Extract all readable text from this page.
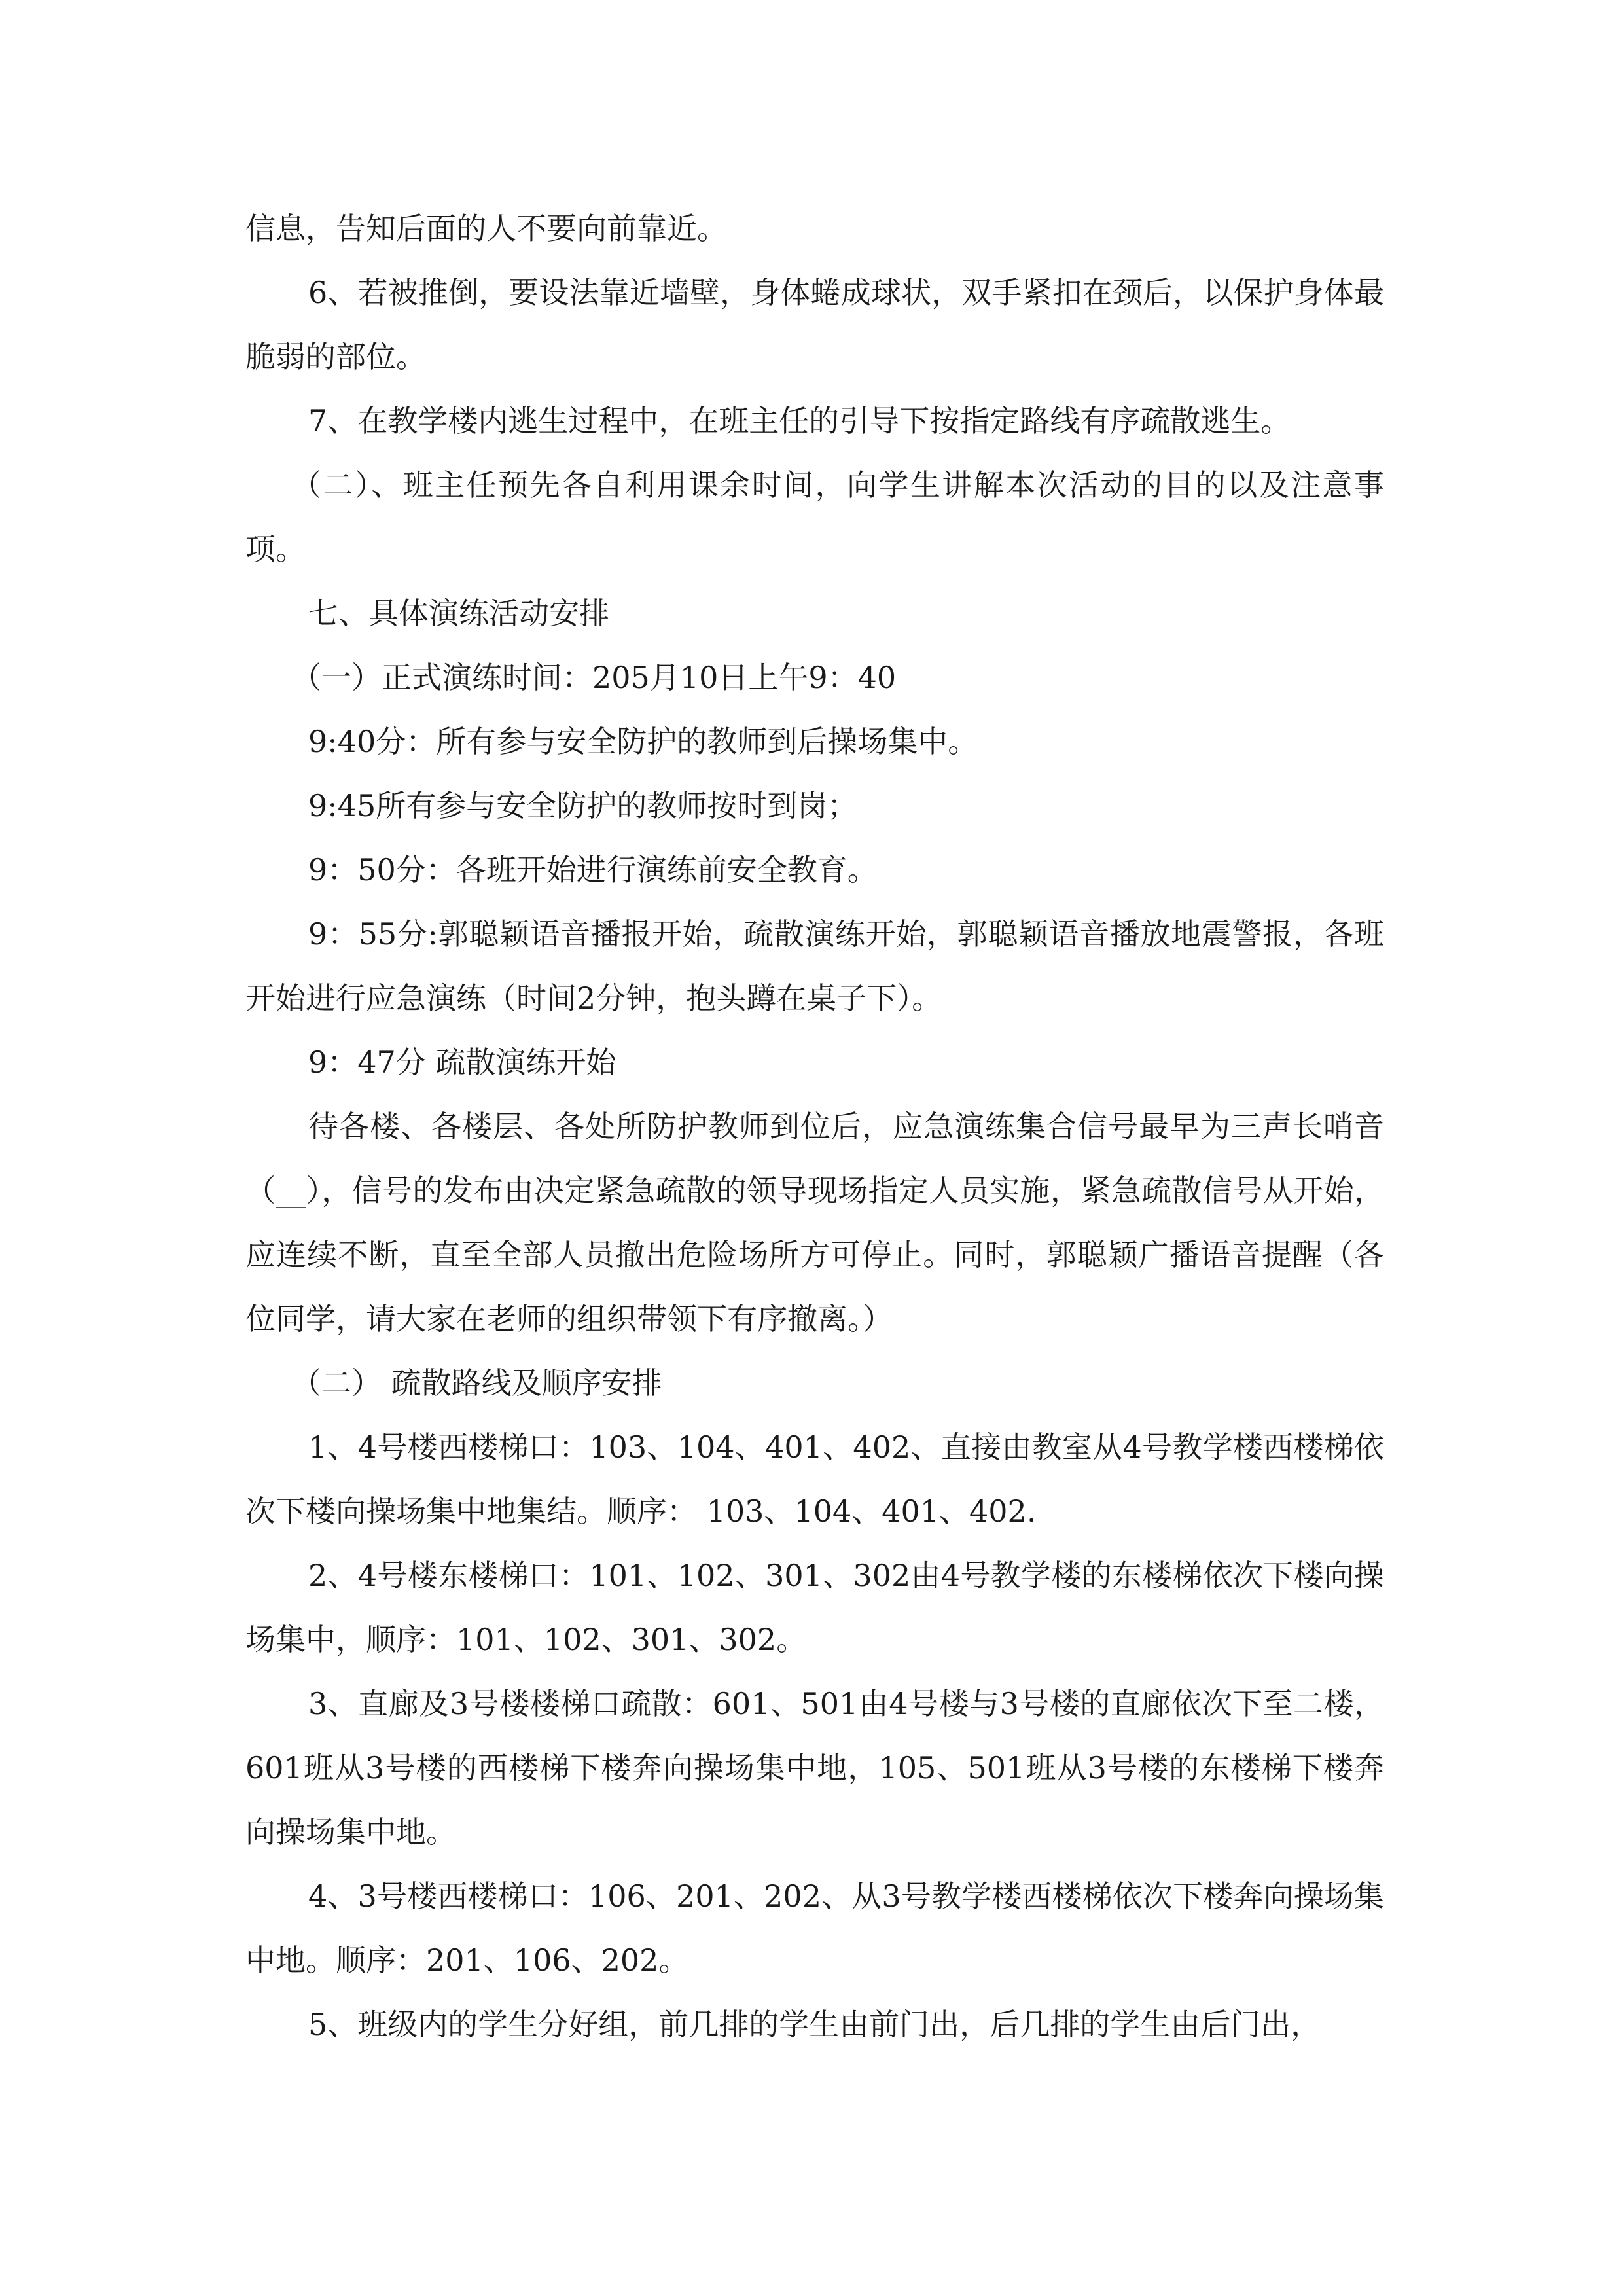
信息，告知后面的人不要向前靠近。

6、若被推倒，要设法靠近墙壁，身体蜷成球状，双手紧扣在颈后，以保护身体最脆弱的部位。

7、在教学楼内逃生过程中，在班主任的引导下按指定路线有序疏散逃生。

（二）、班主任预先各自利用课余时间，向学生讲解本次活动的目的以及注意事项。

七、具体演练活动安排

（一）正式演练时间：205月10日上午9：40

9:40分：所有参与安全防护的教师到后操场集中。

9:45所有参与安全防护的教师按时到岗；

9：50分：各班开始进行演练前安全教育。

9：55分:郭聪颖语音播报开始，疏散演练开始，郭聪颖语音播放地震警报，各班开始进行应急演练（时间2分钟，抱头蹲在桌子下）。

9：47分 疏散演练开始

待各楼、各楼层、各处所防护教师到位后，应急演练集合信号最早为三声长哨音（__），信号的发布由决定紧急疏散的领导现场指定人员实施，紧急疏散信号从开始，应连续不断，直至全部人员撤出危险场所方可停止。同时，郭聪颖广播语音提醒（各位同学，请大家在老师的组织带领下有序撤离。）

（二） 疏散路线及顺序安排

1、4号楼西楼梯口：103、104、401、402、直接由教室从4号教学楼西楼梯依次下楼向操场集中地集结。顺序： 103、104、401、402.

2、4号楼东楼梯口：101、102、301、302由4号教学楼的东楼梯依次下楼向操场集中，顺序：101、102、301、302。

3、直廊及3号楼楼梯口疏散：601、501由4号楼与3号楼的直廊依次下至二楼，601班从3号楼的西楼梯下楼奔向操场集中地，105、501班从3号楼的东楼梯下楼奔向操场集中地。

4、3号楼西楼梯口：106、201、202、从3号教学楼西楼梯依次下楼奔向操场集中地。顺序：201、106、202。

5、班级内的学生分好组，前几排的学生由前门出，后几排的学生由后门出，
